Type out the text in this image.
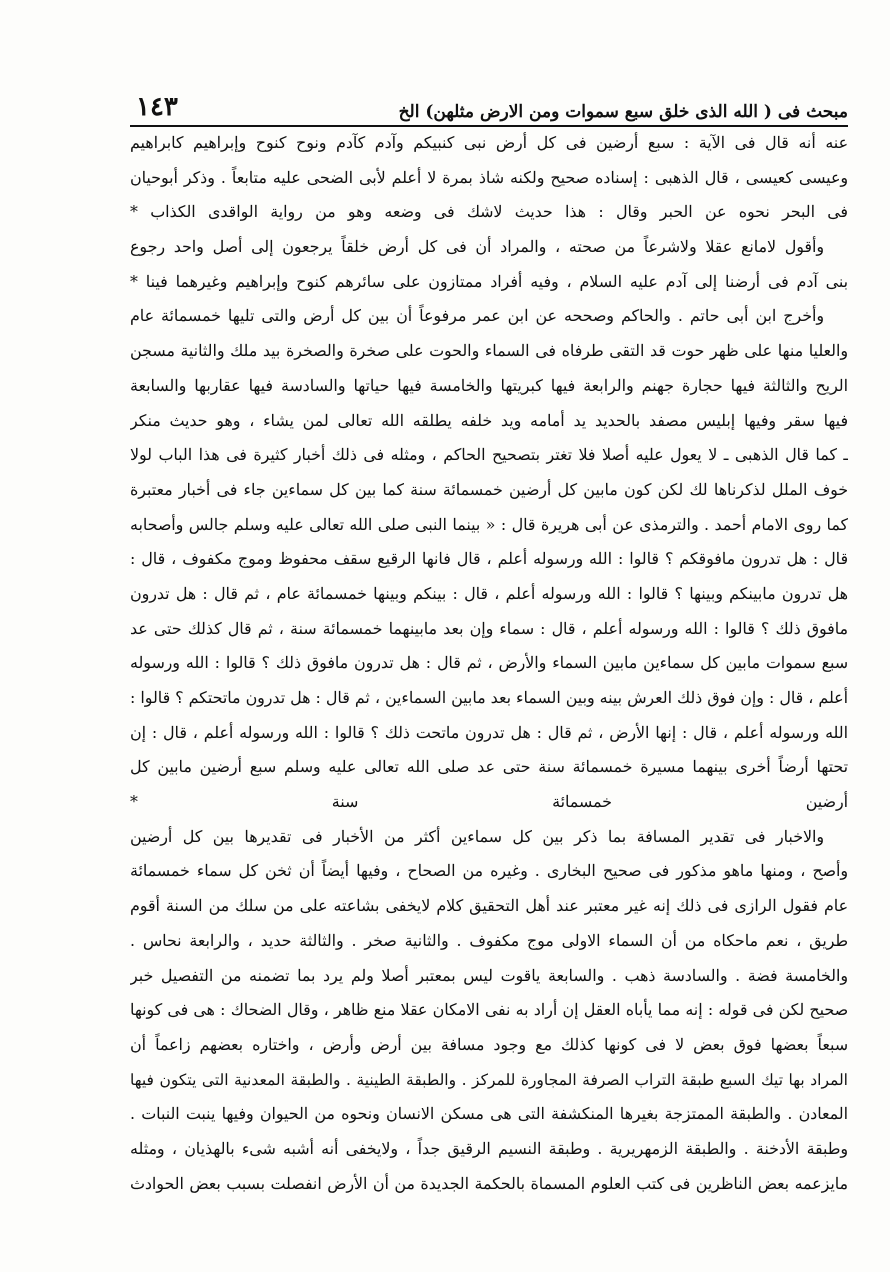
مبحث فى ( الله الذى خلق سبع سموات ومن الارض مثلهن) الخ
١٤٣
عنه أنه قال فى الآية : سبع أرضين فى كل أرض نبى كنبيكم وآدم كآدم ونوح كنوح وإبراهيم كابراهيم
وعيسى كعيسى ، قال الذهبى : إسناده صحيح ولكنه شاذ بمرة لا أعلم لأبى الضحى عليه متابعاً . وذكر أبوحيان
فى البحر نحوه عن الحبر وقال : هذا حديث لاشك فى وضعه وهو من رواية الواقدى الكذاب *
وأقول لامانع عقلا ولاشرعاً من صحته ، والمراد أن فى كل أرض خلقاً يرجعون إلى أصل واحد رجوع
بنى آدم فى أرضنا إلى آدم عليه السلام ، وفيه أفراد ممتازون على سائرهم كنوح وإبراهيم وغيرهما فينا *
وأخرج ابن أبى حاتم . والحاكم وصححه عن ابن عمر مرفوعاً أن بين كل أرض والتى تليها خمسمائة عام
والعليا منها على ظهر حوت قد التقى طرفاه فى السماء والحوت على صخرة والصخرة بيد ملك والثانية مسجن
الريح والثالثة فيها حجارة جهنم والرابعة فيها كبريتها والخامسة فيها حياتها والسادسة فيها عقاربها والسابعة
فيها سقر وفيها إبليس مصفد بالحديد يد أمامه ويد خلفه يطلقه الله تعالى لمن يشاء ، وهو حديث منكر
ـ كما قال الذهبى ـ لا يعول عليه أصلا فلا تغتر بتصحيح الحاكم ، ومثله فى ذلك أخبار كثيرة فى هذا الباب لولا
خوف الملل لذكرناها لك لكن كون مابين كل أرضين خمسمائة سنة كما بين كل سماءين جاء فى أخبار معتبرة
كما روى الامام أحمد . والترمذى عن أبى هريرة قال : « بينما النبى صلى الله تعالى عليه وسلم جالس وأصحابه
قال : هل تدرون مافوقكم ؟ قالوا : الله ورسوله أعلم ، قال فانها الرقيع سقف محفوظ وموج مكفوف ، قال :
هل تدرون مابينكم وبينها ؟ قالوا : الله ورسوله أعلم ، قال : بينكم وبينها خمسمائة عام ، ثم قال : هل تدرون
مافوق ذلك ؟ قالوا : الله ورسوله أعلم ، قال : سماء وإن بعد مابينهما خمسمائة سنة ، ثم قال كذلك حتى عد
سبع سموات مابين كل سماءين مابين السماء والأرض ، ثم قال : هل تدرون مافوق ذلك ؟ قالوا : الله ورسوله
أعلم ، قال : وإن فوق ذلك العرش بينه وبين السماء بعد مابين السماءين ، ثم قال : هل تدرون ماتحتكم ؟ قالوا :
الله ورسوله أعلم ، قال : إنها الأرض ، ثم قال : هل تدرون ماتحت ذلك ؟ قالوا : الله ورسوله أعلم ، قال : إن
تحتها أرضاً أخرى بينهما مسيرة خمسمائة سنة حتى عد صلى الله تعالى عليه وسلم سبع أرضين مابين كل
أرضين خمسمائة سنة *
والاخبار فى تقدير المسافة بما ذكر بين كل سماءين أكثر من الأخبار فى تقديرها بين كل أرضين
وأصح ، ومنها ماهو مذكور فى صحيح البخارى . وغيره من الصحاح ، وفيها أيضاً أن ثخن كل سماء خمسمائة
عام فقول الرازى فى ذلك إنه غير معتبر عند أهل التحقيق كلام لايخفى بشاعته على من سلك من السنة أقوم
طريق ، نعم ماحكاه من أن السماء الاولى موج مكفوف . والثانية صخر . والثالثة حديد ، والرابعة نحاس .
والخامسة فضة . والسادسة ذهب . والسابعة ياقوت ليس بمعتبر أصلا ولم يرد بما تضمنه من التفصيل خبر
صحيح لكن فى قوله : إنه مما يأباه العقل إن أراد به نفى الامكان عقلا منع ظاهر ، وقال الضحاك : هى فى كونها
سبعاً بعضها فوق بعض لا فى كونها كذلك مع وجود مسافة بين أرض وأرض ، واختاره بعضهم زاعماً أن
المراد بها تيك السبع طبقة التراب الصرفة المجاورة للمركز . والطبقة الطينية . والطبقة المعدنية التى يتكون فيها
المعادن . والطبقة الممتزجة بغيرها المنكشفة التى هى مسكن الانسان ونحوه من الحيوان وفيها ينبت النبات .
وطبقة الأدخنة . والطبقة الزمهريرية . وطبقة النسيم الرقيق جداً ، ولايخفى أنه أشبه شىء بالهذيان ، ومثله
مايزعمه بعض الناظرين فى كتب العلوم المسماة بالحكمة الجديدة من أن الأرض انفصلت بسبب بعض الحوادث
